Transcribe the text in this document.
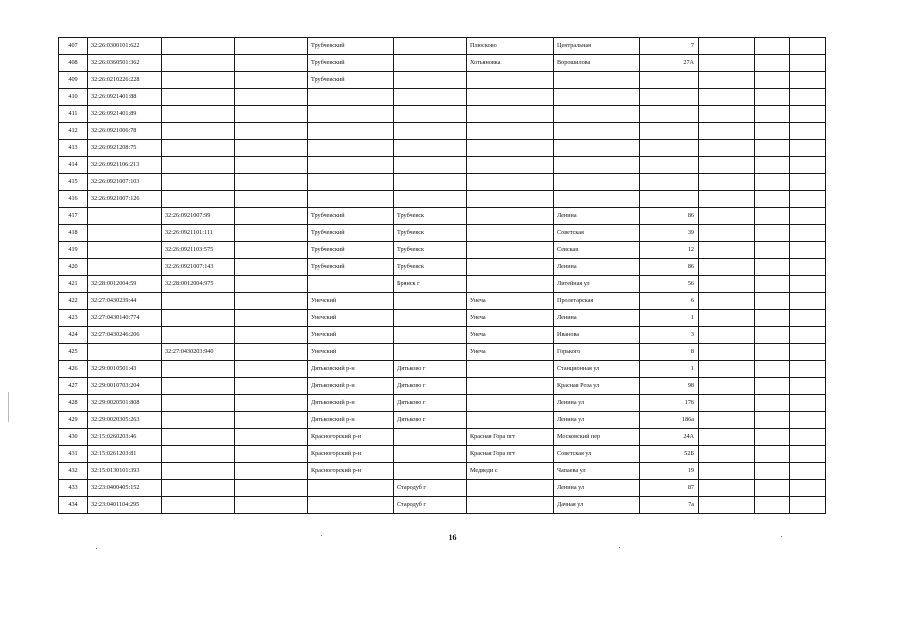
407	32:26:0300101:622			Трубчевский		Плюсково	Центральная	7			
408	32:26:0360501:362			Трубчевский		Хотьяновка	Ворошилова	27А			
409	32:26:0210226:228			Трубчевский							
410	32:26:0921401:88										
411	32:26:0921401:89										
412	32:26:0921006:78										
413	32:26:0921208:75										
414	32:26:0921106:213										
415	32:26:0921007:103										
416	32:26:0921007:126										
417		32:26:0921007:99		Трубчевский	Трубчевск		Ленина	86			
418		32:26:0921101:111		Трубчевский	Трубчевск		Советская	39			
419		32:26:0921103:575		Трубчевский	Трубчевск		Севская	12			
420		32:26:0921007:143		Трубчевский	Трубчевск		Ленина	86			
421	32:28:0012004:59	32:28:0012004:975			Брянск г		Литейная ул	56			
422	32:27:0430239:44			Унечский		Унеча	Пролетарская	6			
423	32:27:0430140:774			Унечский		Унеча	Ленина	1			
424	32:27:0430246:206			Унечский		Унеча	Иванова	3			
425		32:27:0430203:940		Унечский		Унеча	Горького	8			
426	32:29:0010501:43			Дятьковский р-н	Дятьково г		Станционная ул	1			
427	32:29:0010703:204			Дятьковский р-н	Дятьково г		Красная Роза ул	98			
428	32:29:0020501:808			Дятьковский р-н	Дятьково г		Ленина ул	176			
429	32:29:0020305:263			Дятьковский р-н	Дятьково г		Ленина ул	186а			
430	32:15:0260203:46			Красногорский р-н		Красная Гора пгт	Московский пер	24А			
431	32:15:0261203:81			Красногорский р-н		Красная Гора пгт	Советская ул	52Б			
432	32:15:0130101:393			Красногорский р-н		Медведи с	Чапаева ул	19			
433	32:23:0400405:152				Стародуб г		Ленина ул	87			
434	32:23:0401104:295				Стародуб г		Дачная ул	7а			
16
